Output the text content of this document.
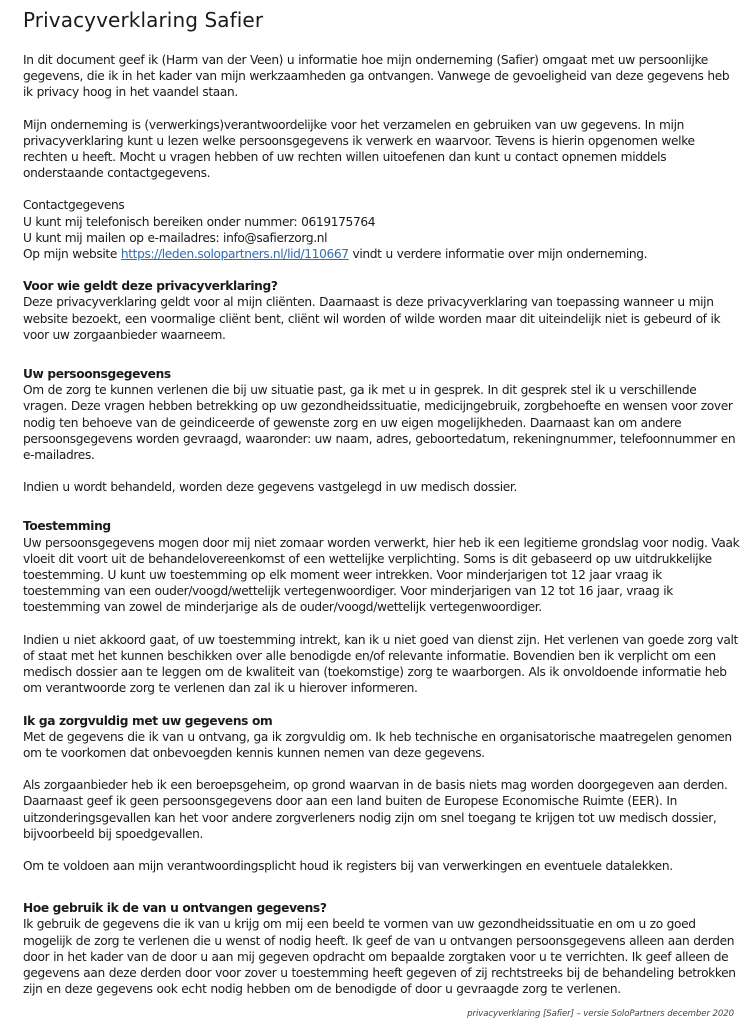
Privacyverklaring Safier

In dit document geef ik (Harm van der Veen) u informatie hoe mijn onderneming (Safier) omgaat met uw persoonlijke gegevens, die ik in het kader van mijn werkzaamheden ga ontvangen. Vanwege de gevoeligheid van deze gegevens heb ik privacy hoog in het vaandel staan.

Mijn onderneming is (verwerkings)verantwoordelijke voor het verzamelen en gebruiken van uw gegevens. In mijn privacyverklaring kunt u lezen welke persoonsgegevens ik verwerk en waarvoor. Tevens is hierin opgenomen welke rechten u heeft. Mocht u vragen hebben of uw rechten willen uitoefenen dan kunt u contact opnemen middels onderstaande contactgegevens.

Contactgegevens

U kunt mij telefonisch bereiken onder nummer: 0619175764

U kunt mij mailen op e-mailadres: info@safierzorg.nl

Op mijn website https://leden.solopartners.nl/lid/110667 vindt u verdere informatie over mijn onderneming.

Voor wie geldt deze privacyverklaring?

Deze privacyverklaring geldt voor al mijn cliënten. Daarnaast is deze privacyverklaring van toepassing wanneer u mijn website bezoekt, een voormalige cliënt bent, cliënt wil worden of wilde worden maar dit uiteindelijk niet is gebeurd of ik voor uw zorgaanbieder waarneem.

Uw persoonsgegevens

Om de zorg te kunnen verlenen die bij uw situatie past, ga ik met u in gesprek. In dit gesprek stel ik u verschillende vragen. Deze vragen hebben betrekking op uw gezondheidssituatie, medicijngebruik, zorgbehoefte en wensen voor zover nodig ten behoeve van de geindiceerde of gewenste zorg en uw eigen mogelijkheden. Daarnaast kan om andere persoonsgegevens worden gevraagd, waaronder: uw naam, adres, geboortedatum, rekeningnummer, telefoonnummer en e-mailadres.

Indien u wordt behandeld, worden deze gegevens vastgelegd in uw medisch dossier.

Toestemming

Uw persoonsgegevens mogen door mij niet zomaar worden verwerkt, hier heb ik een legitieme grondslag voor nodig. Vaak vloeit dit voort uit de behandelovereenkomst of een wettelijke verplichting. Soms is dit gebaseerd op uw uitdrukkelijke toestemming. U kunt uw toestemming op elk moment weer intrekken. Voor minderjarigen tot 12 jaar vraag ik toestemming van een ouder/voogd/wettelijk vertegenwoordiger. Voor minderjarigen van 12 tot 16 jaar, vraag ik toestemming van zowel de minderjarige als de ouder/voogd/wettelijk vertegenwoordiger.

Indien u niet akkoord gaat, of uw toestemming intrekt, kan ik u niet goed van dienst zijn. Het verlenen van goede zorg valt of staat met het kunnen beschikken over alle benodigde en/of relevante informatie. Bovendien ben ik verplicht om een medisch dossier aan te leggen om de kwaliteit van (toekomstige) zorg te waarborgen. Als ik onvoldoende informatie heb om verantwoorde zorg te verlenen dan zal ik u hierover informeren.

Ik ga zorgvuldig met uw gegevens om

Met de gegevens die ik van u ontvang, ga ik zorgvuldig om. Ik heb technische en organisatorische maatregelen genomen om te voorkomen dat onbevoegden kennis kunnen nemen van deze gegevens.

Als zorgaanbieder heb ik een beroepsgeheim, op grond waarvan in de basis niets mag worden doorgegeven aan derden. Daarnaast geef ik geen persoonsgegevens door aan een land buiten de Europese Economische Ruimte (EER). In uitzonderingsgevallen kan het voor andere zorgverleners nodig zijn om snel toegang te krijgen tot uw medisch dossier, bijvoorbeeld bij spoedgevallen.

Om te voldoen aan mijn verantwoordingsplicht houd ik registers bij van verwerkingen en eventuele datalekken.

Hoe gebruik ik de van u ontvangen gegevens?

Ik gebruik de gegevens die ik van u krijg om mij een beeld te vormen van uw gezondheidssituatie en om u zo goed mogelijk de zorg te verlenen die u wenst of nodig heeft. Ik geef de van u ontvangen persoonsgegevens alleen aan derden door in het kader van de door u aan mij gegeven opdracht om bepaalde zorgtaken voor u te verrichten. Ik geef alleen de gegevens aan deze derden door voor zover u toestemming heeft gegeven of zij rechtstreeks bij de behandeling betrokken zijn en deze gegevens ook echt nodig hebben om de benodigde of door u gevraagde zorg te verlenen.

privacyverklaring [Safier] – versie SoloPartners december 2020
